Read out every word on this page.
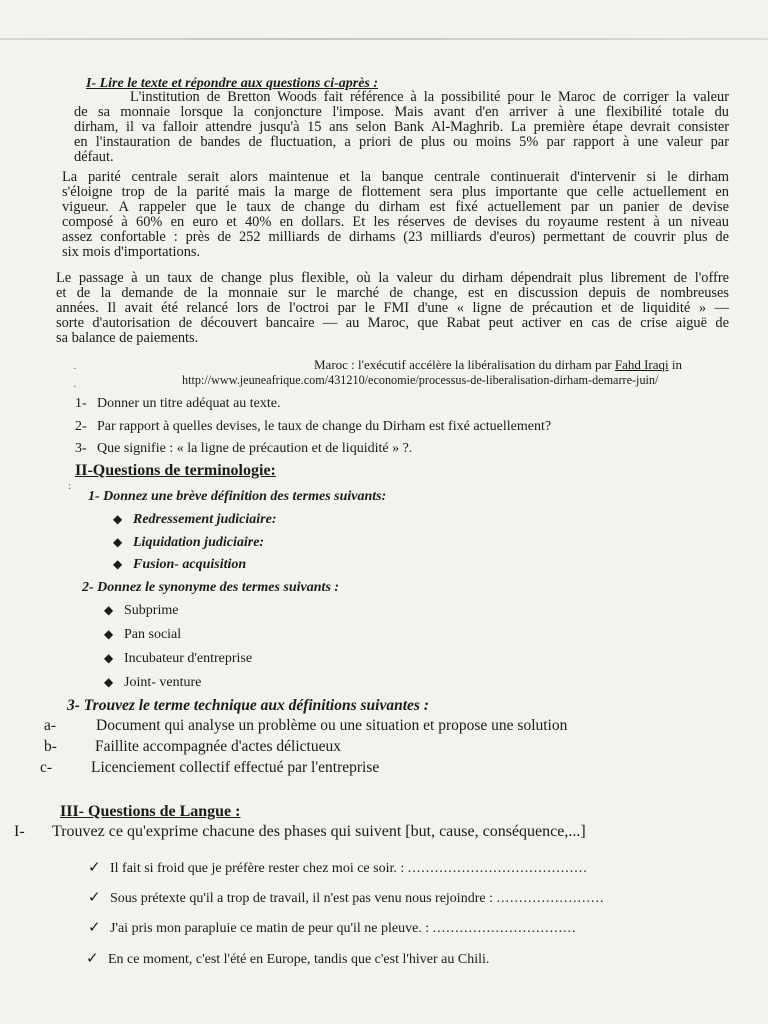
I- Lire le texte et répondre aux questions ci-après :
L'institution de Bretton Woods fait référence à la possibilité pour le Maroc de corriger la valeur
de sa monnaie lorsque la conjoncture l'impose. Mais avant d'en arriver à une flexibilité totale du
dirham, il va falloir attendre jusqu'à 15 ans selon Bank Al-Maghrib. La première étape devrait consister
en l'instauration de bandes de fluctuation, a priori de plus ou moins 5% par rapport à une valeur par
défaut.
La parité centrale serait alors maintenue et la banque centrale continuerait d'intervenir si le dirham
s'éloigne trop de la parité mais la marge de flottement sera plus importante que celle actuellement en
vigueur. À rappeler que le taux de change du dirham est fixé actuellement par un panier de devise
composé à 60% en euro et 40% en dollars. Et les réserves de devises du royaume restent à un niveau
assez confortable : près de 252 milliards de dirhams (23 milliards d'euros) permettant de couvrir plus de
six mois d'importations.
Le passage à un taux de change plus flexible, où la valeur du dirham dépendrait plus librement de l'offre
et de la demande de la monnaie sur le marché de change, est en discussion depuis de nombreuses
années. Il avait été relancé lors de l'octroi par le FMI d'une « ligne de précaution et de liquidité » —
sorte d'autorisation de découvert bancaire — au Maroc, que Rabat peut activer en cas de crise aiguë de
sa balance de paiements.
Maroc : l'exécutif accélère la libéralisation du dirham par Fahd Iraqi in
http://www.jeuneafrique.com/431210/economie/processus-de-liberalisation-dirham-demarre-juin/
·
·
1- Donner un titre adéquat au texte.
2- Par rapport à quelles devises, le taux de change du Dirham est fixé actuellement?
3- Que signifie : « la ligne de précaution et de liquidité » ?.
II-Questions de terminologie:
:
1- Donnez une brève définition des termes suivants:
◆ Redressement judiciaire:
◆ Liquidation judiciaire:
◆ Fusion- acquisition
2- Donnez le synonyme des termes suivants :
◆ Subprime
◆ Pan social
◆ Incubateur d'entreprise
◆ Joint- venture
3- Trouvez le terme technique aux définitions suivantes :
a-	Document qui analyse un problème ou une situation et propose une solution
b- Faillite accompagnée d'actes délictueux
c-	Licenciement collectif effectué par l'entreprise
III- Questions de Langue :
I- Trouvez ce qu'exprime chacune des phases qui suivent [but, cause, conséquence,...]
✓ Il fait si froid que je préfère rester chez moi ce soir. : ........................................
✓ Sous prétexte qu'il a trop de travail, il n'est pas venu nous rejoindre : ........................
✓ J'ai pris mon parapluie ce matin de peur qu'il ne pleuve. : ................................
✓ En ce moment, c'est l'été en Europe, tandis que c'est l'hiver au Chili.
